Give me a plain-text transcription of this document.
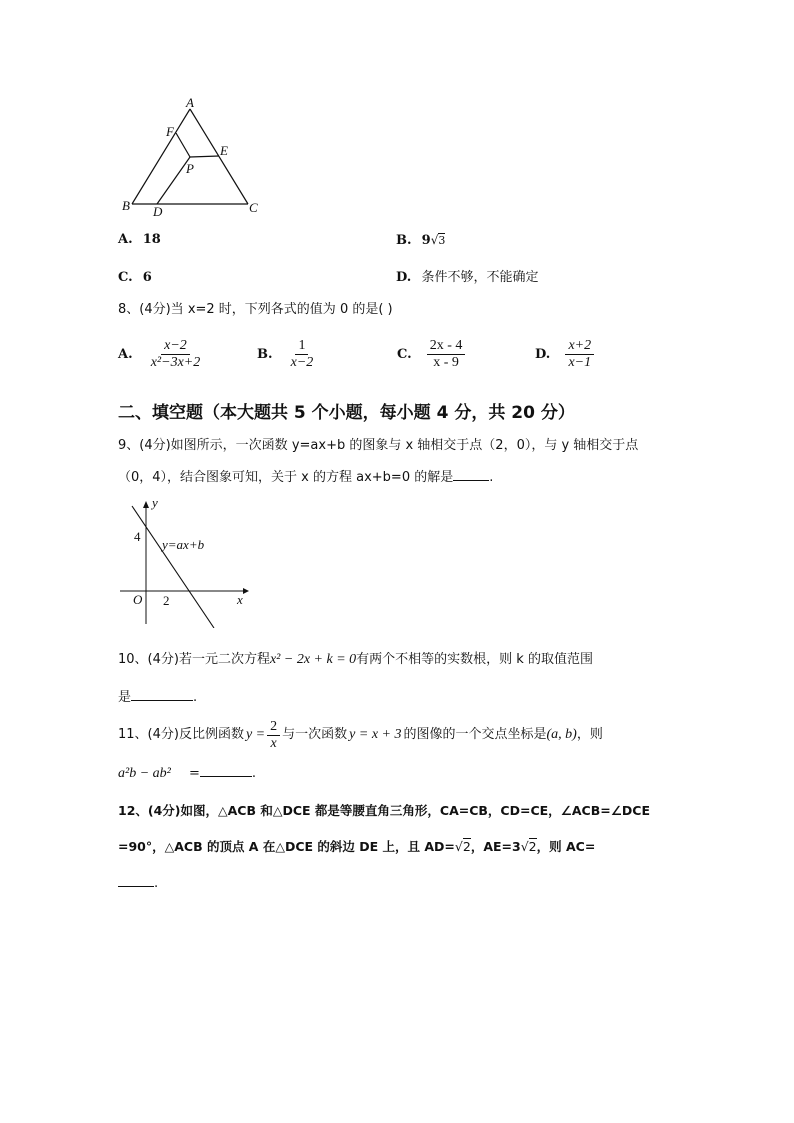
A
B	C
D
E
F
P
A. 18	B. 9√3
C. 6	D. 条件不够，不能确定
8、(4分)当 x=2 时，下列各式的值为 0 的是( )
A. $\frac{x-2}{\text{x²−3x+2}}$	B. $\frac{1}{x-2}$	C. $\frac{2x - 4}{x - 9}$	D. $\frac{x+2}{x-1}$
二、填空题（本大题共 5 个小题，每小题 4 分，共 20 分）
9、(4分)如图所示，一次函数 y=ax+b 的图象与 x 轴相交于点（2，0），与 y 轴相交于点
（0，4），结合图象可知，关于 x 的方程 ax+b=0 的解是	.
y
x
O
4
2
y=ax+b
10、(4分)若一元二次方程x² − 2x + k = 0有两个不相等的实数根，则 k 的取值范围
是	.
11、(4分)反比例函数 $y = \frac{2}{x}$ 与一次函数 y = x + 3 的图像的一个交点坐标是 (a, b) ，则
a²b − ab² =	.
12、(4分)如图，△ACB 和△DCE 都是等腰直角三角形，CA=CB，CD=CE，∠ACB=∠DCE
=90°，△ACB 的顶点 A 在△DCE 的斜边 DE 上，且 AD=√2，AE=3√2，则 AC=
.
